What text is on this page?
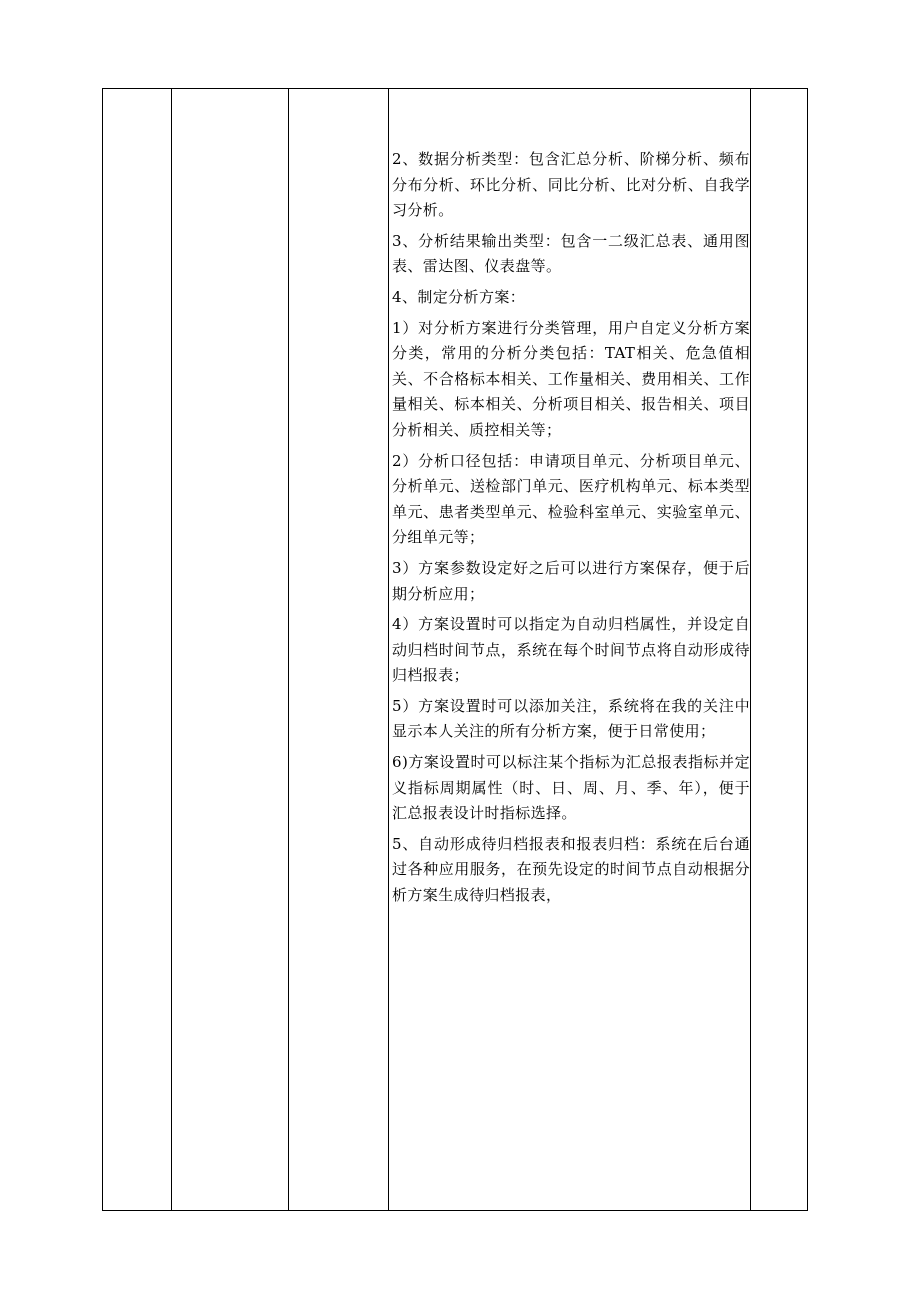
2、数据分析类型：包含汇总分析、阶梯分析、频布分布分析、环比分析、同比分析、比对分析、自我学习分析。

3、分析结果输出类型：包含一二级汇总表、通用图表、雷达图、仪表盘等。

4、制定分析方案：

1）对分析方案进行分类管理，用户自定义分析方案分类，常用的分析分类包括：TAT相关、危急值相关、不合格标本相关、工作量相关、费用相关、工作量相关、标本相关、分析项目相关、报告相关、项目分析相关、质控相关等；

2）分析口径包括：申请项目单元、分析项目单元、分析单元、送检部门单元、医疗机构单元、标本类型单元、患者类型单元、检验科室单元、实验室单元、分组单元等；

3）方案参数设定好之后可以进行方案保存，便于后期分析应用；

4）方案设置时可以指定为自动归档属性，并设定自动归档时间节点，系统在每个时间节点将自动形成待归档报表；

5）方案设置时可以添加关注，系统将在我的关注中显示本人关注的所有分析方案，便于日常使用；

6)方案设置时可以标注某个指标为汇总报表指标并定义指标周期属性（时、日、周、月、季、年），便于汇总报表设计时指标选择。

5、自动形成待归档报表和报表归档：系统在后台通过各种应用服务，在预先设定的时间节点自动根据分析方案生成待归档报表，
